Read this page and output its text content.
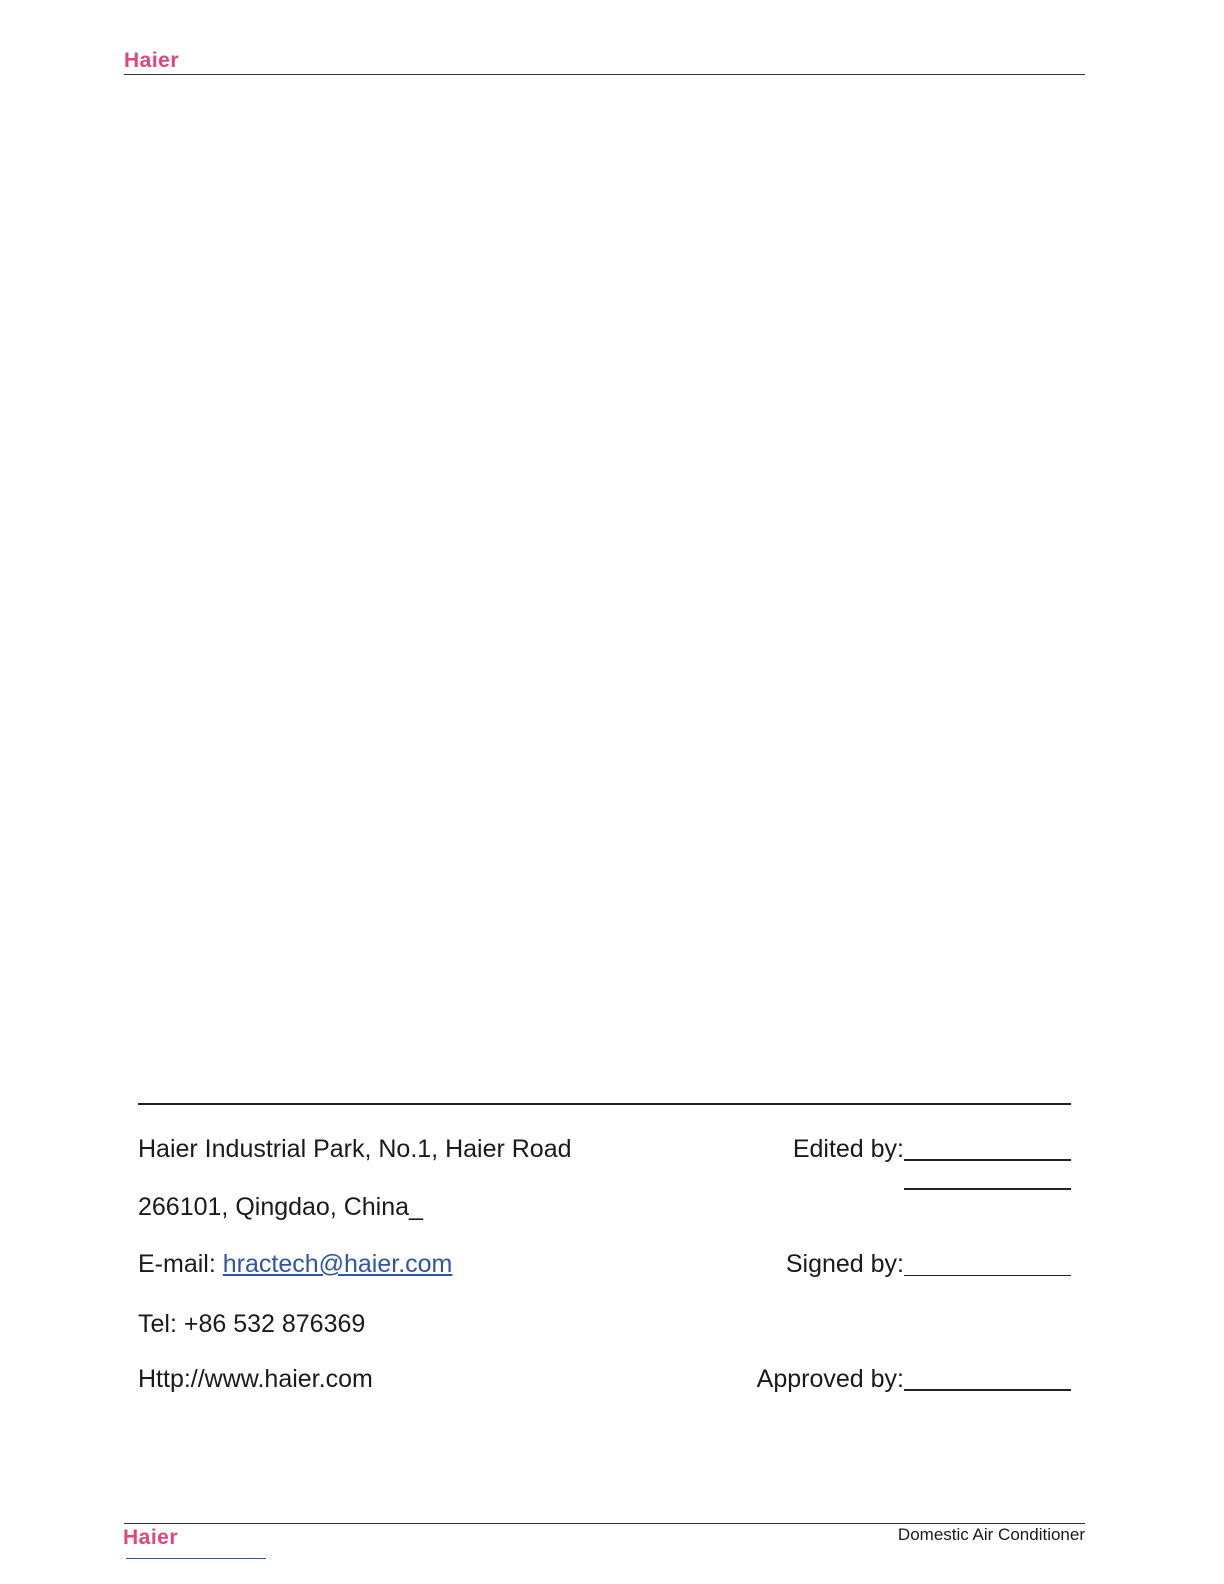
Haier
Haier Industrial Park, No.1, Haier Road
266101, Qingdao, China_
E-mail: hractech@haier.com
Tel: +86 532 876369
Http://www.haier.com
Edited by:
Signed by:
Approved by:
Haier	Domestic Air Conditioner
